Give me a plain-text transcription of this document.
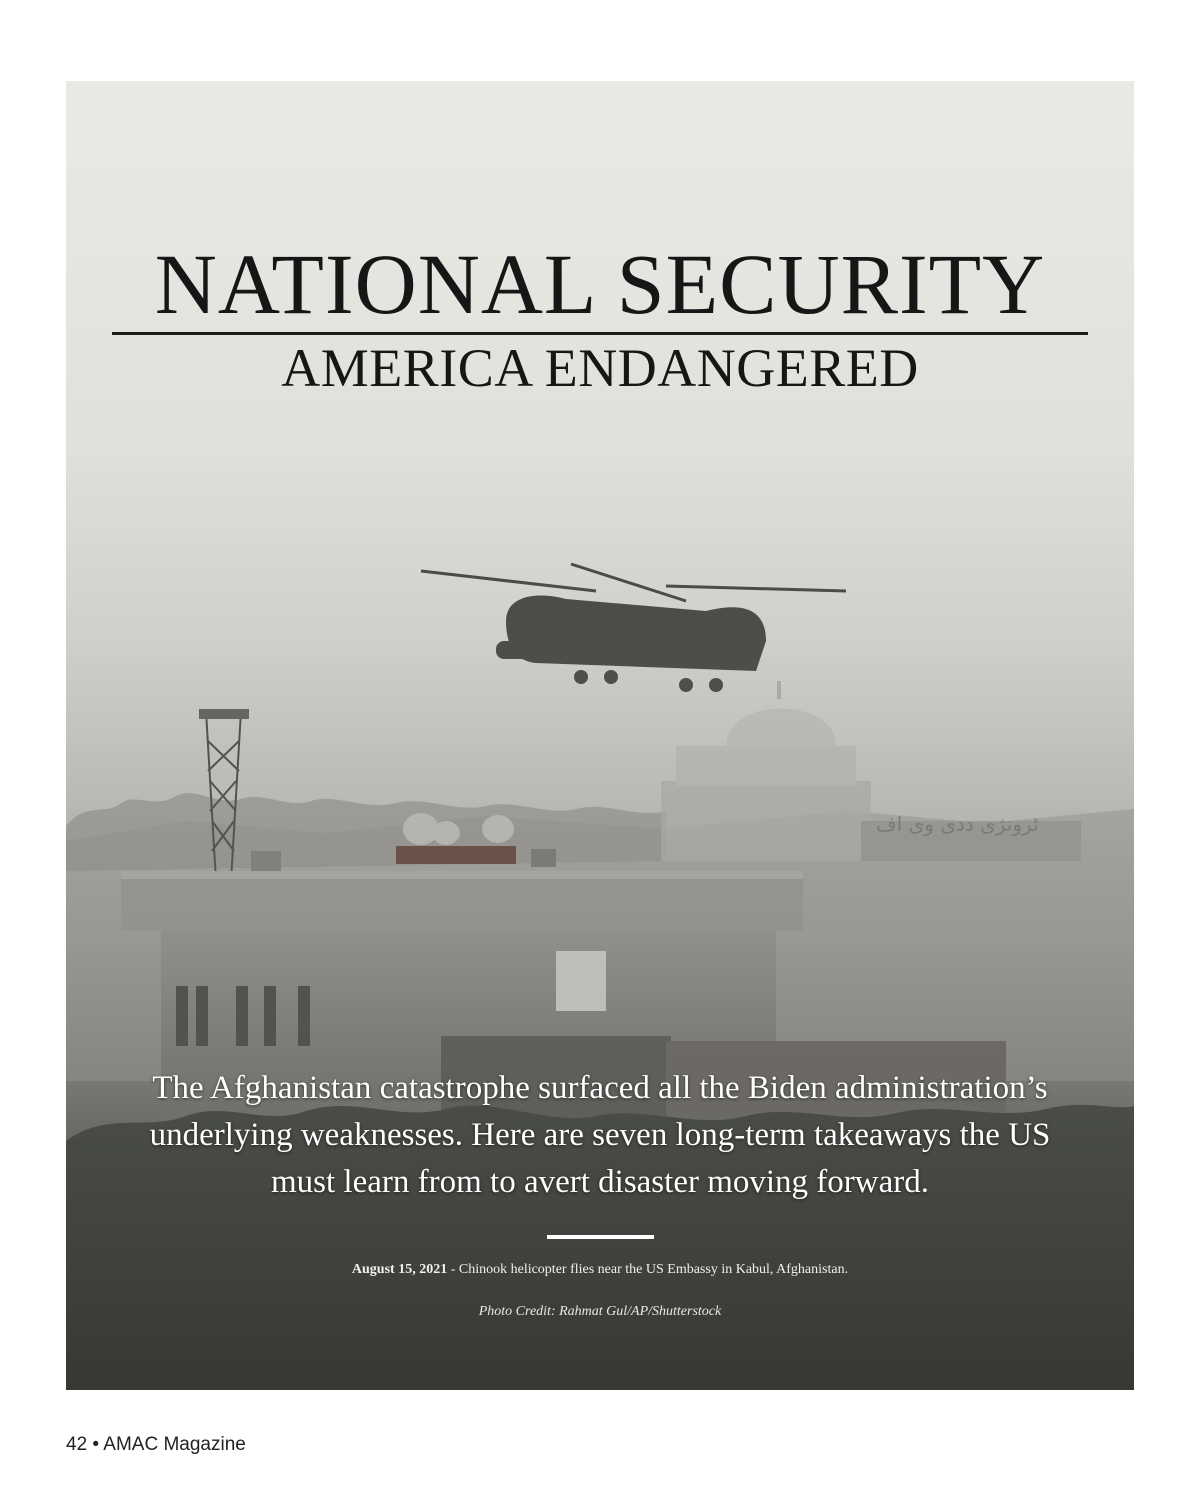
NATIONAL SECURITY
AMERICA ENDANGERED
The Afghanistan catastrophe surfaced all the Biden administration’s
underlying weaknesses. Here are seven long-term takeaways the US
must learn from to avert disaster moving forward.
August 15, 2021 - Chinook helicopter flies near the US Embassy in Kabul, Afghanistan.
Photo Credit: Rahmat Gul/AP/Shutterstock
42 • AMAC Magazine
